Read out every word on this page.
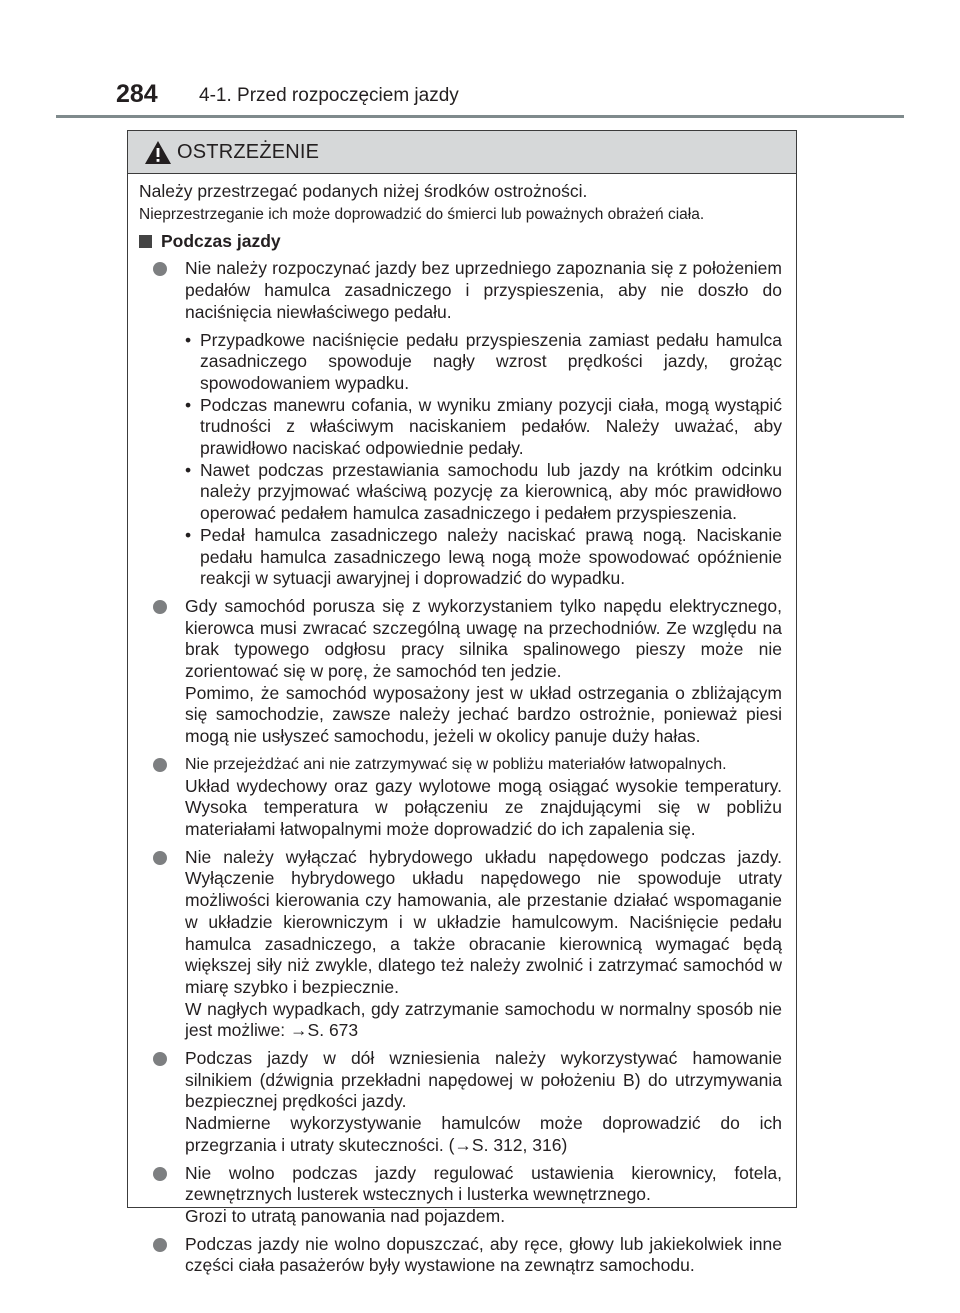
284 4-1. Przed rozpoczęciem jazdy
OSTRZEŻENIE

Należy przestrzegać podanych niżej środków ostrożności.

Nieprzestrzeganie ich może doprowadzić do śmierci lub poważnych obrażeń ciała.

Podczas jazdy

Nie należy rozpoczynać jazdy bez uprzedniego zapoznania się z położeniem pedałów hamulca zasadniczego i przyspieszenia, aby nie doszło do naciśnięcia niewłaściwego pedału.

• Przypadkowe naciśnięcie pedału przyspieszenia zamiast pedału hamulca zasadniczego spowoduje nagły wzrost prędkości jazdy, grożąc spowodowaniem wypadku.
• Podczas manewru cofania, w wyniku zmiany pozycji ciała, mogą wystąpić trudności z właściwym naciskaniem pedałów. Należy uważać, aby prawidłowo naciskać odpowiednie pedały.
• Nawet podczas przestawiania samochodu lub jazdy na krótkim odcinku należy przyjmować właściwą pozycję za kierownicą, aby móc prawidłowo operować pedałem hamulca zasadniczego i pedałem przyspieszenia.
• Pedał hamulca zasadniczego należy naciskać prawą nogą. Naciskanie pedału hamulca zasadniczego lewą nogą może spowodować opóźnienie reakcji w sytuacji awaryjnej i doprowadzić do wypadku.

Gdy samochód porusza się z wykorzystaniem tylko napędu elektrycznego, kierowca musi zwracać szczególną uwagę na przechodniów. Ze względu na brak typowego odgłosu pracy silnika spalinowego pieszy może nie zorientować się w porę, że samochód ten jedzie.

Pomimo, że samochód wyposażony jest w układ ostrzegania o zbliżającym się samochodzie, zawsze należy jechać bardzo ostrożnie, ponieważ piesi mogą nie usłyszeć samochodu, jeżeli w okolicy panuje duży hałas.

Nie przejeżdżać ani nie zatrzymywać się w pobliżu materiałów łatwopalnych.

Układ wydechowy oraz gazy wylotowe mogą osiągać wysokie temperatury. Wysoka temperatura w połączeniu ze znajdującymi się w pobliżu materiałami łatwopalnymi może doprowadzić do ich zapalenia się.

Nie należy wyłączać hybrydowego układu napędowego podczas jazdy. Wyłączenie hybrydowego układu napędowego nie spowoduje utraty możliwości kierowania czy hamowania, ale przestanie działać wspomaganie w układzie kierowniczym i w układzie hamulcowym. Naciśnięcie pedału hamulca zasadniczego, a także obracanie kierownicą wymagać będą większej siły niż zwykle, dlatego też należy zwolnić i zatrzymać samochód w miarę szybko i bezpiecznie.

W nagłych wypadkach, gdy zatrzymanie samochodu w normalny sposób nie jest możliwe: →S. 673

Podczas jazdy w dół wzniesienia należy wykorzystywać hamowanie silnikiem (dźwignia przekładni napędowej w położeniu B) do utrzymywania bezpiecznej prędkości jazdy.

Nadmierne wykorzystywanie hamulców może doprowadzić do ich przegrzania i utraty skuteczności. (→S. 312, 316)

Nie wolno podczas jazdy regulować ustawienia kierownicy, fotela, zewnętrznych lusterek wstecznych i lusterka wewnętrznego.

Grozi to utratą panowania nad pojazdem.

Podczas jazdy nie wolno dopuszczać, aby ręce, głowy lub jakiekolwiek inne części ciała pasażerów były wystawione na zewnątrz samochodu.
